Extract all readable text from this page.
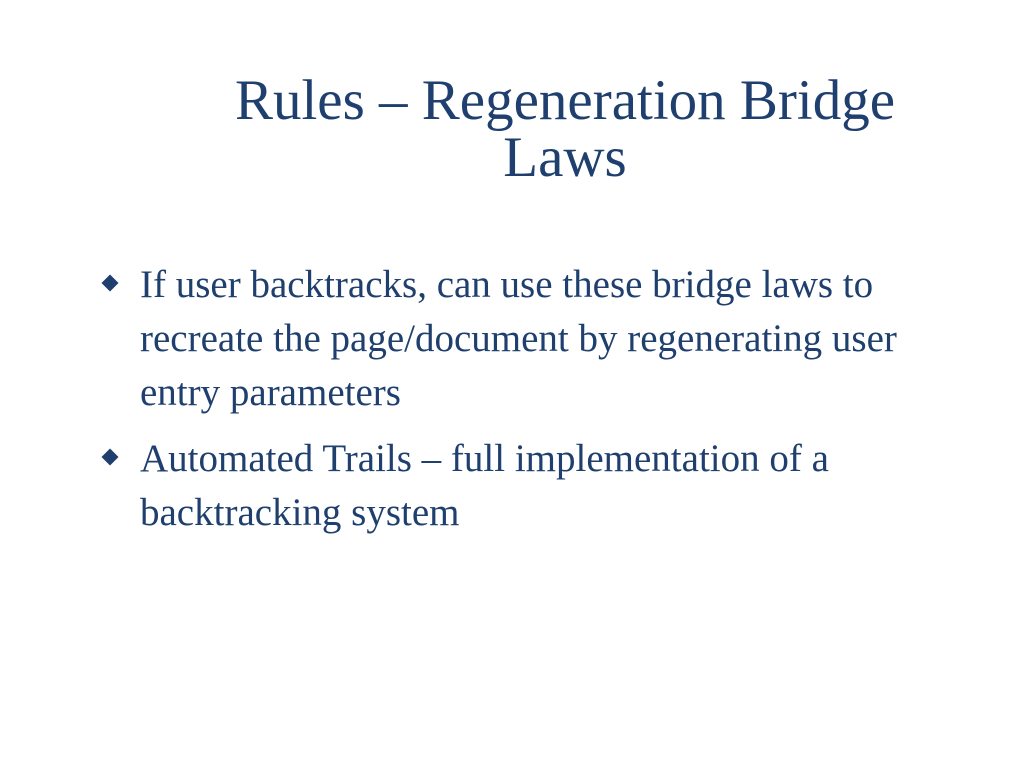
Rules – Regeneration Bridge
Laws
If user backtracks, can use these bridge laws to recreate the page/document by regenerating user entry parameters
Automated Trails – full implementation of a backtracking system
